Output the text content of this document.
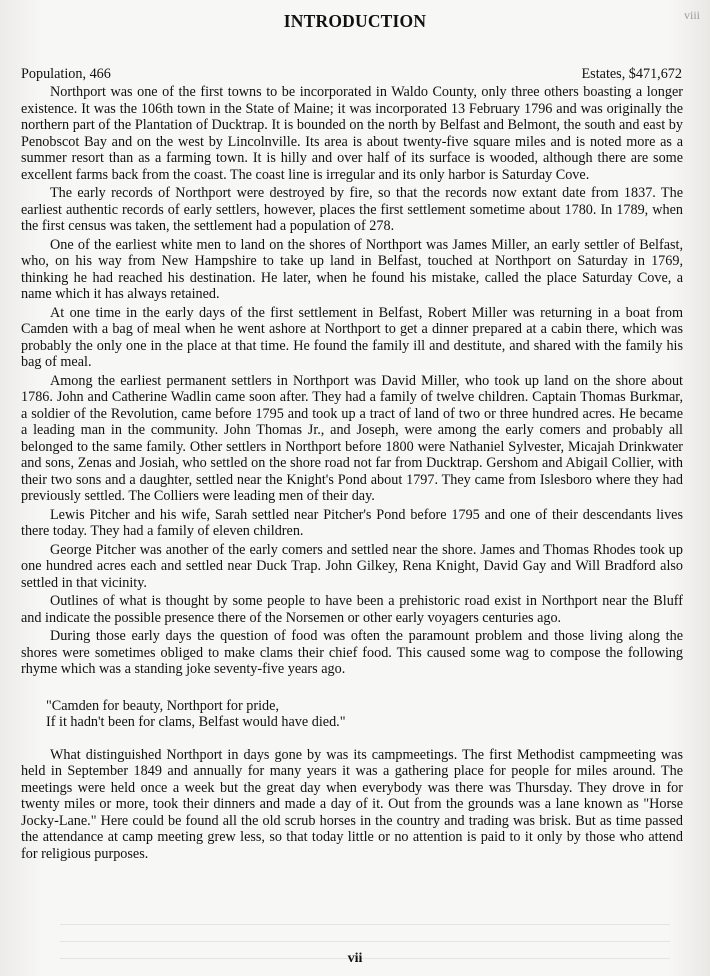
viii
INTRODUCTION
Population, 466	Estates, $471,672

Northport was one of the first towns to be incorporated in Waldo County, only three others boasting a longer existence. It was the 106th town in the State of Maine; it was incorporated 13 February 1796 and was originally the northern part of the Plantation of Ducktrap. It is bounded on the north by Belfast and Belmont, the south and east by Penobscot Bay and on the west by Lincolnville. Its area is about twenty-five square miles and is noted more as a summer resort than as a farming town. It is hilly and over half of its surface is wooded, although there are some excellent farms back from the coast. The coast line is irregular and its only harbor is Saturday Cove.

The early records of Northport were destroyed by fire, so that the records now extant date from 1837. The earliest authentic records of early settlers, however, places the first settlement sometime about 1780. In 1789, when the first census was taken, the settlement had a population of 278.

One of the earliest white men to land on the shores of Northport was James Miller, an early settler of Belfast, who, on his way from New Hampshire to take up land in Belfast, touched at Northport on Saturday in 1769, thinking he had reached his destination. He later, when he found his mistake, called the place Saturday Cove, a name which it has always retained.

At one time in the early days of the first settlement in Belfast, Robert Miller was returning in a boat from Camden with a bag of meal when he went ashore at Northport to get a dinner prepared at a cabin there, which was probably the only one in the place at that time. He found the family ill and destitute, and shared with the family his bag of meal.

Among the earliest permanent settlers in Northport was David Miller, who took up land on the shore about 1786. John and Catherine Wadlin came soon after. They had a family of twelve children. Captain Thomas Burkmar, a soldier of the Revolution, came before 1795 and took up a tract of land of two or three hundred acres. He became a leading man in the community. John Thomas Jr., and Joseph, were among the early comers and probably all belonged to the same family. Other settlers in Northport before 1800 were Nathaniel Sylvester, Micajah Drinkwater and sons, Zenas and Josiah, who settled on the shore road not far from Ducktrap. Gershom and Abigail Collier, with their two sons and a daughter, settled near the Knight's Pond about 1797. They came from Islesboro where they had previously settled. The Colliers were leading men of their day.

Lewis Pitcher and his wife, Sarah settled near Pitcher's Pond before 1795 and one of their descendants lives there today. They had a family of eleven children.

George Pitcher was another of the early comers and settled near the shore. James and Thomas Rhodes took up one hundred acres each and settled near Duck Trap. John Gilkey, Rena Knight, David Gay and Will Bradford also settled in that vicinity.

Outlines of what is thought by some people to have been a prehistoric road exist in Northport near the Bluff and indicate the possible presence there of the Norsemen or other early voyagers centuries ago.

During those early days the question of food was often the paramount problem and those living along the shores were sometimes obliged to make clams their chief food. This caused some wag to compose the following rhyme which was a standing joke seventy-five years ago.

"Camden for beauty, Northport for pride,
If it hadn't been for clams, Belfast would have died."

What distinguished Northport in days gone by was its campmeetings. The first Methodist campmeeting was held in September 1849 and annually for many years it was a gathering place for people for miles around. The meetings were held once a week but the great day when everybody was there was Thursday. They drove in for twenty miles or more, took their dinners and made a day of it. Out from the grounds was a lane known as "Horse Jocky-Lane." Here could be found all the old scrub horses in the country and trading was brisk. But as time passed the attendance at camp meeting grew less, so that today little or no attention is paid to it only by those who attend for religious purposes.

vii
